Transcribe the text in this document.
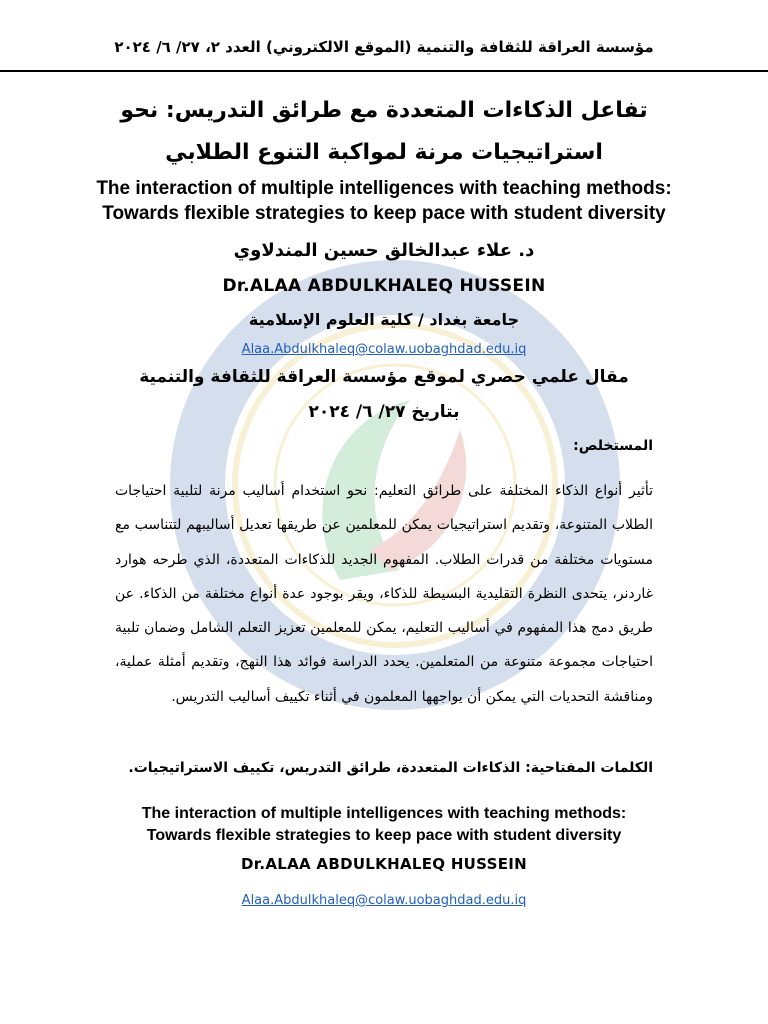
مؤسسة العراقة للثقافة والتنمية (الموقع الالكتروني) العدد ٢، ٢٧/ ٦/ ٢٠٢٤
تفاعل الذكاءات المتعددة مع طرائق التدريس: نحو
استراتيجيات مرنة لمواكبة التنوع الطلابي
The interaction of multiple intelligences with teaching methods:
Towards flexible strategies to keep pace with student diversity
د. علاء عبدالخالق حسين المندلاوي
Dr.ALAA ABDULKHALEQ HUSSEIN
جامعة بغداد / كلية العلوم الإسلامية
Alaa.Abdulkhaleq@colaw.uobaghdad.edu.iq
مقال علمي حصري لموقع مؤسسة العراقة للثقافة والتنمية
بتاريخ ٢٧/ ٦/ ٢٠٢٤
المستخلص:
تأثير أنواع الذكاء المختلفة على طرائق التعليم: نحو استخدام أساليب مرنة لتلبية احتياجات الطلاب المتنوعة، وتقديم استراتيجيات يمكن للمعلمين عن طريقها تعديل أساليبهم لتتناسب مع مستويات مختلفة من قدرات الطلاب. المفهوم الجديد للذكاءات المتعددة، الذي طرحه هوارد غاردنر، يتحدى النظرة التقليدية البسيطة للذكاء، ويقر بوجود عدة أنواع مختلفة من الذكاء. عن طريق دمج هذا المفهوم في أساليب التعليم، يمكن للمعلمين تعزيز التعلم الشامل وضمان تلبية احتياجات مجموعة متنوعة من المتعلمين. يحدد الدراسة فوائد هذا النهج، وتقديم أمثلة عملية، ومناقشة التحديات التي يمكن أن يواجهها المعلمون في أثناء تكييف أساليب التدريس.
الكلمات المفتاحية: الذكاءات المتعددة، طرائق التدريس، تكييف الاستراتيجيات.
The interaction of multiple intelligences with teaching methods:
Towards flexible strategies to keep pace with student diversity
Dr.ALAA ABDULKHALEQ HUSSEIN
Alaa.Abdulkhaleq@colaw.uobaghdad.edu.iq
